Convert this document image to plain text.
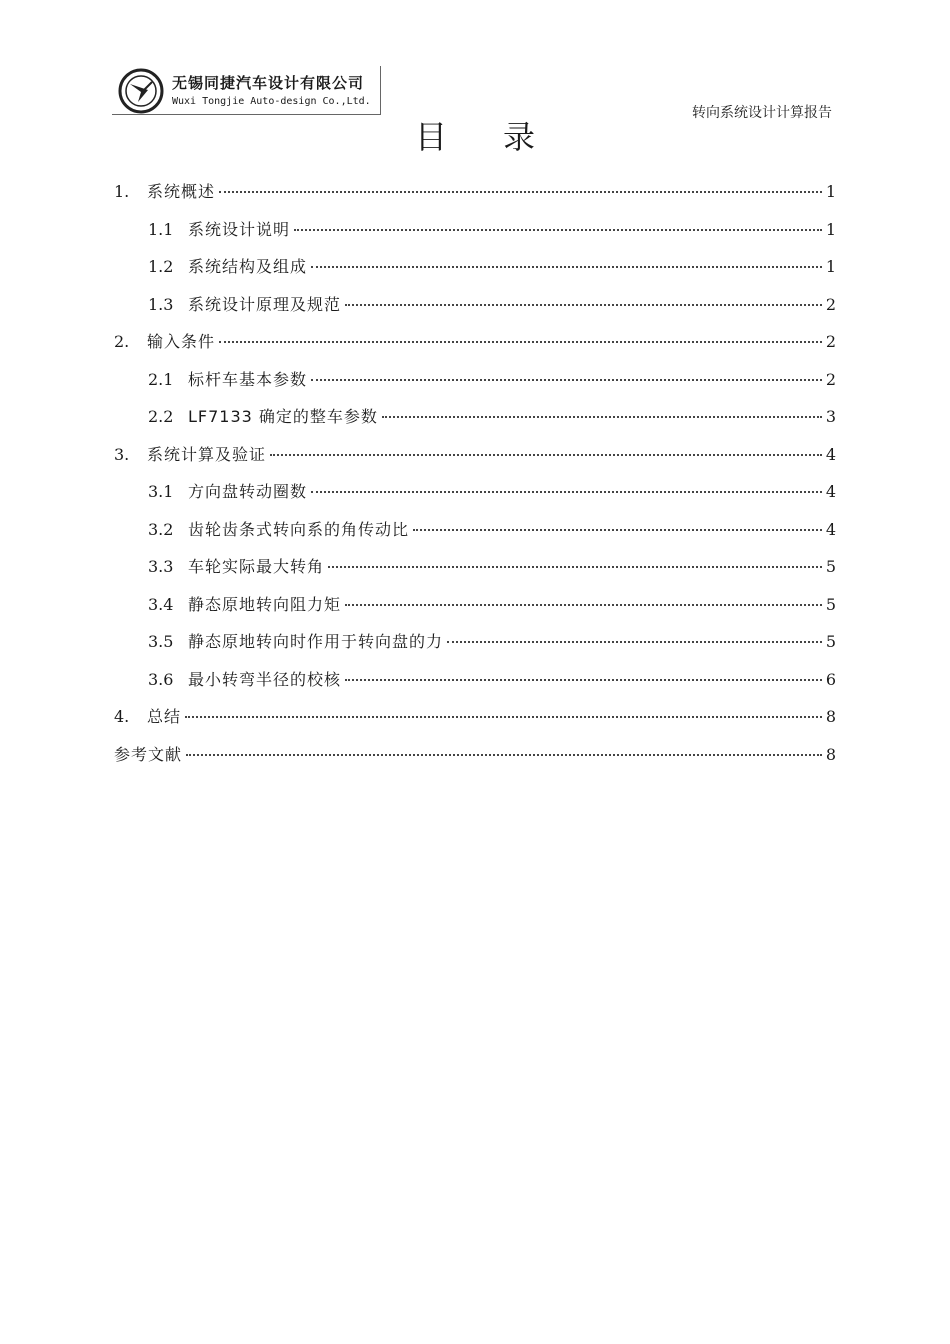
无锡同捷汽车设计有限公司
Wuxi Tongjie Auto-design Co.,Ltd.
转向系统设计计算报告
目录
1.	系统概述	1
1.1 系统设计说明	1
1.2 系统结构及组成	1
1.3 系统设计原理及规范	2
2.	输入条件	2
2.1 标杆车基本参数	2
2.2 LF7133 确定的整车参数	3
3.	系统计算及验证	4
3.1 方向盘转动圈数	4
3.2 齿轮齿条式转向系的角传动比	4
3.3 车轮实际最大转角	5
3.4 静态原地转向阻力矩	5
3.5 静态原地转向时作用于转向盘的力	5
3.6 最小转弯半径的校核	6
4.	总结	8
参考文献	8
